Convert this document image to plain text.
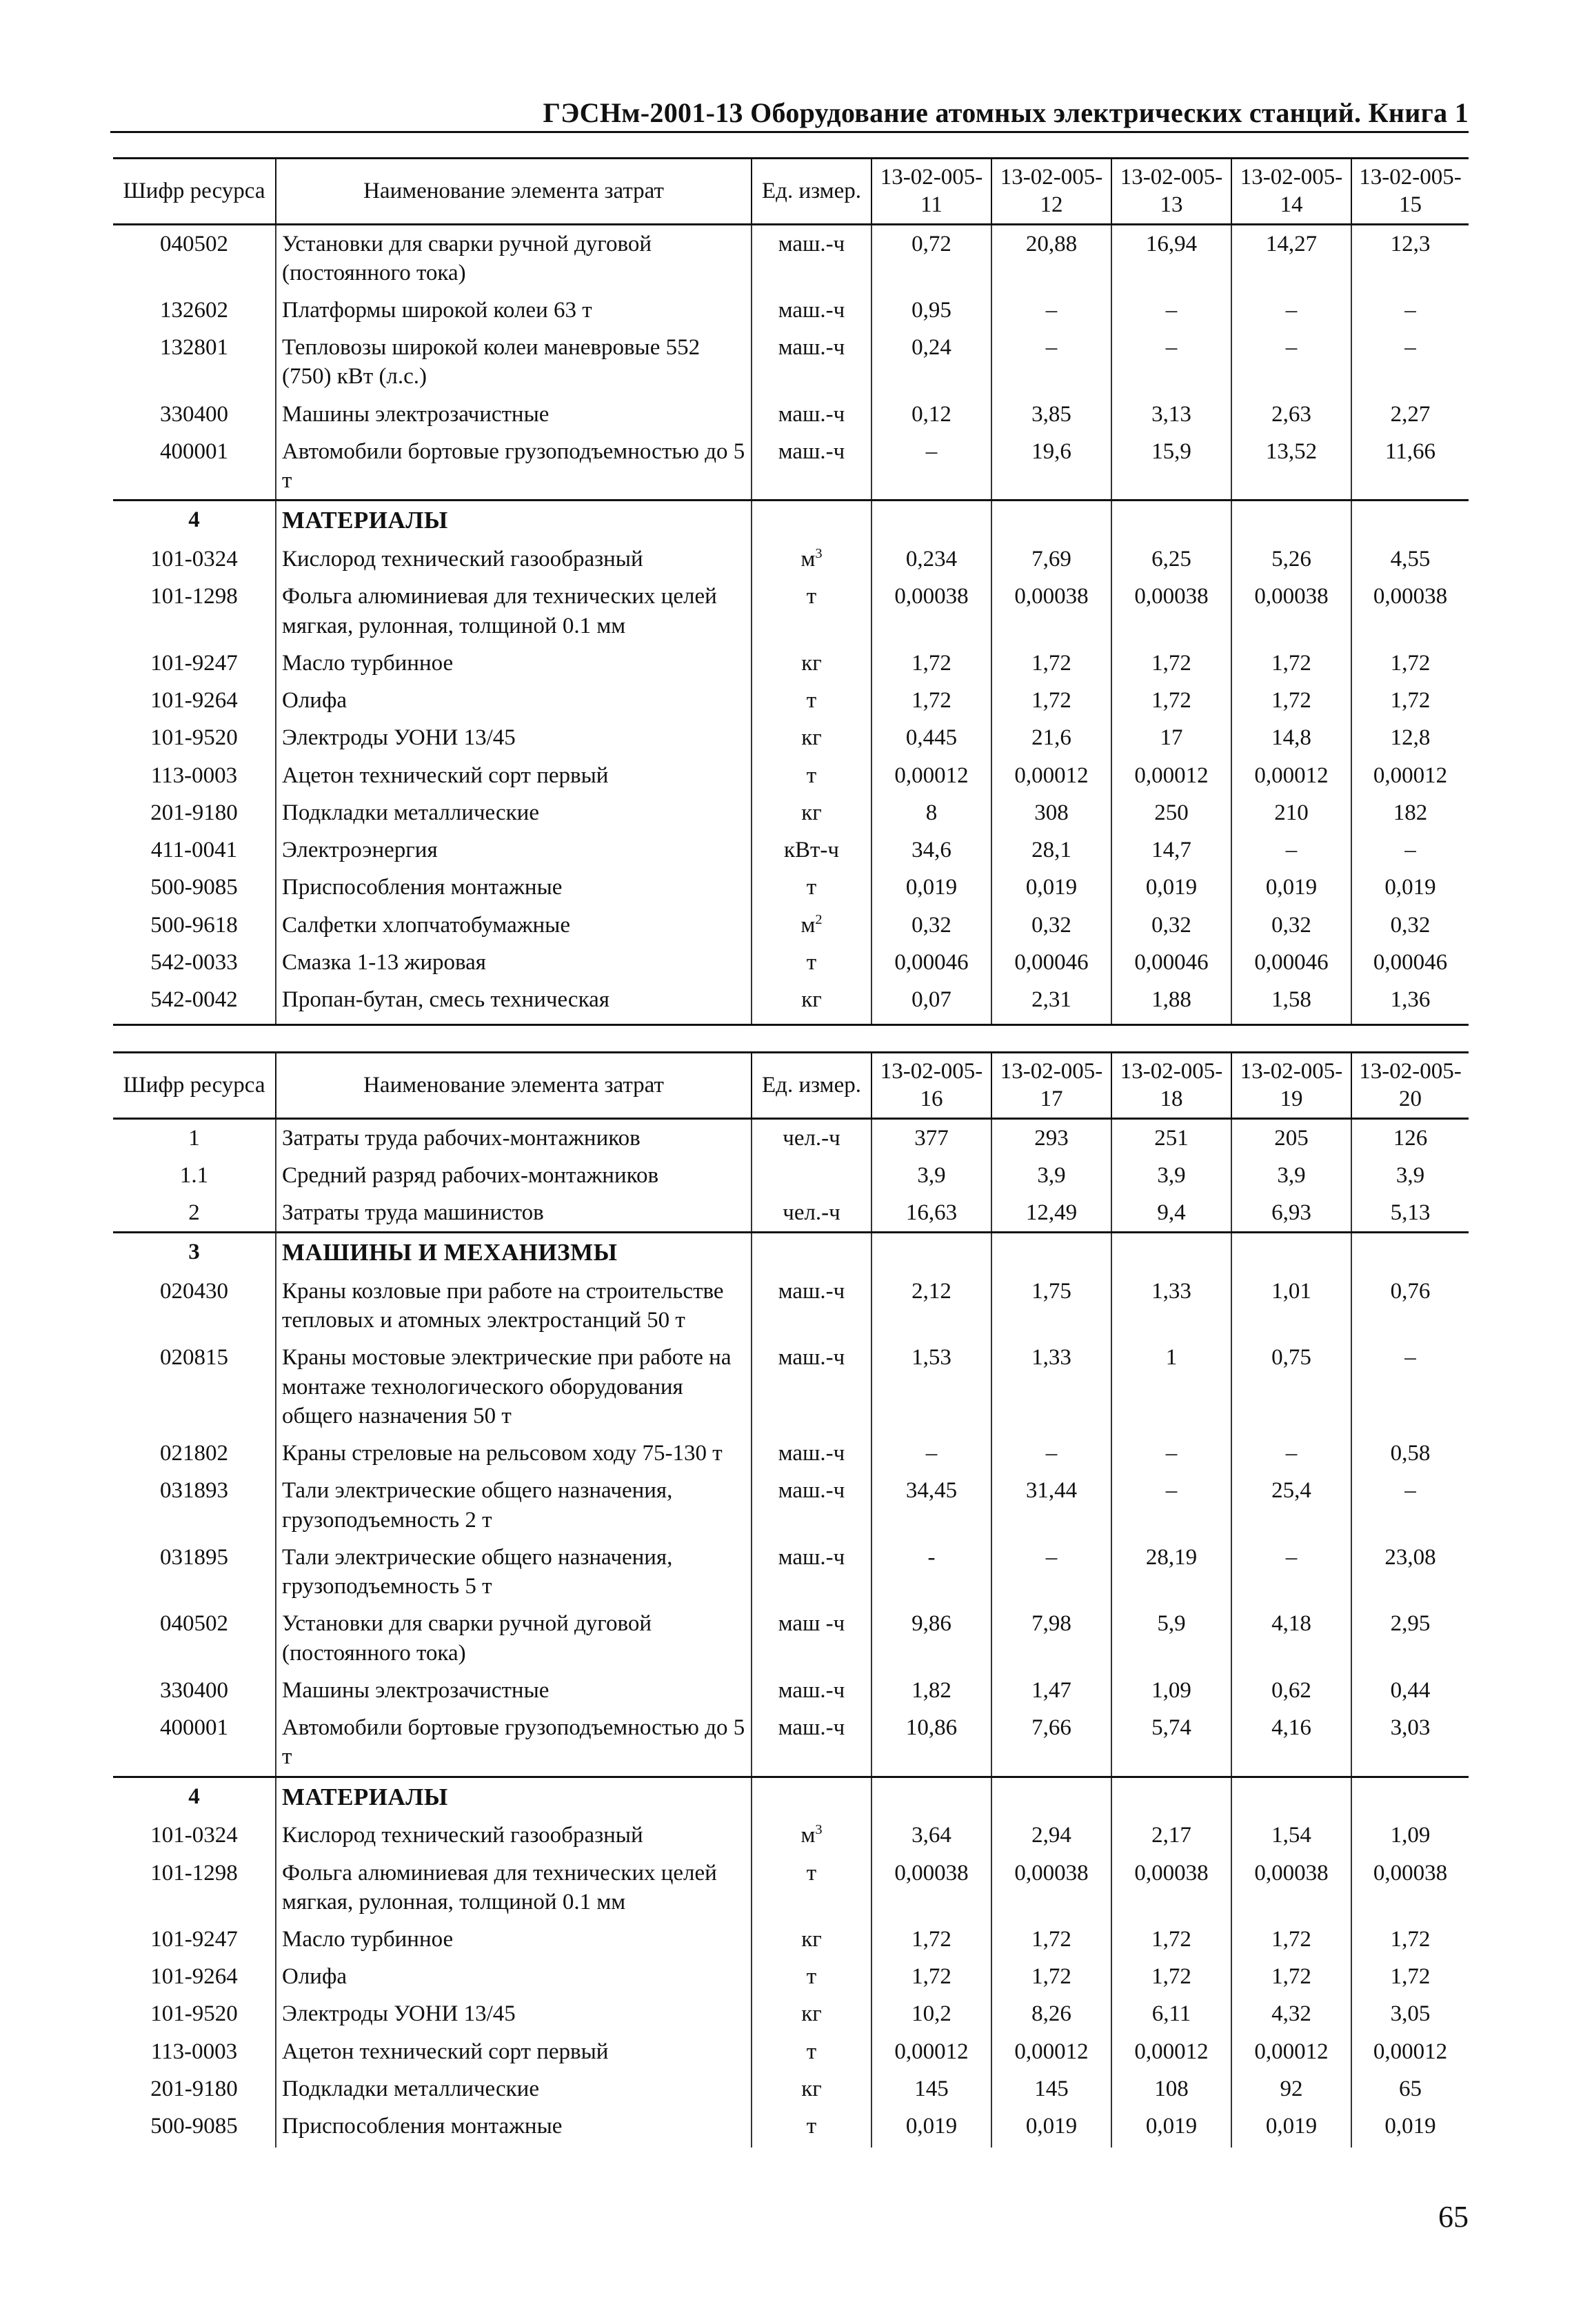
ГЭСНм-2001-13 Оборудование атомных электрических станций. Книга 1
Шифр ресурса	Наименование элемента затрат	Ед. измер.	13-02-005-11	13-02-005-12	13-02-005-13	13-02-005-14	13-02-005-15
040502	Установки для сварки ручной дуговой (постоянного тока)	маш.-ч	0,72	20,88	16,94	14,27	12,3
132602	Платформы широкой колеи 63 т	маш.-ч	0,95	–	–	–	–
132801	Тепловозы широкой колеи маневровые 552 (750) кВт (л.с.)	маш.-ч	0,24	–	–	–	–
330400	Машины электрозачистные	маш.-ч	0,12	3,85	3,13	2,63	2,27
400001	Автомобили бортовые грузоподъемностью до 5 т	маш.-ч	–	19,6	15,9	13,52	11,66
4	МАТЕРИАЛЫ						
101-0324	Кислород технический газообразный	$м^3$	0,234	7,69	6,25	5,26	4,55
101-1298	Фольга алюминиевая для технических целей мягкая, рулонная, толщиной 0.1 мм	т	0,00038	0,00038	0,00038	0,00038	0,00038
101-9247	Масло турбинное	кг	1,72	1,72	1,72	1,72	1,72
101-9264	Олифа	т	1,72	1,72	1,72	1,72	1,72
101-9520	Электроды УОНИ 13/45	кг	0,445	21,6	17	14,8	12,8
113-0003	Ацетон технический сорт первый	т	0,00012	0,00012	0,00012	0,00012	0,00012
201-9180	Подкладки металлические	кг	8	308	250	210	182
411-0041	Электроэнергия	кВт-ч	34,6	28,1	14,7	–	–
500-9085	Приспособления монтажные	т	0,019	0,019	0,019	0,019	0,019
500-9618	Салфетки хлопчатобумажные	$м^2$	0,32	0,32	0,32	0,32	0,32
542-0033	Смазка 1-13 жировая	т	0,00046	0,00046	0,00046	0,00046	0,00046
542-0042	Пропан-бутан, смесь техническая	кг	0,07	2,31	1,88	1,58	1,36
Шифр ресурса	Наименование элемента затрат	Ед. измер.	13-02-005-16	13-02-005-17	13-02-005-18	13-02-005-19	13-02-005-20
1	Затраты труда рабочих-монтажников	чел.-ч	377	293	251	205	126
1.1	Средний разряд рабочих-монтажников		3,9	3,9	3,9	3,9	3,9
2	Затраты труда машинистов	чел.-ч	16,63	12,49	9,4	6,93	5,13
3	МАШИНЫ И МЕХАНИЗМЫ						
020430	Краны козловые при работе на строительстве тепловых и атомных электростанций 50 т	маш.-ч	2,12	1,75	1,33	1,01	0,76
020815	Краны мостовые электрические при работе на монтаже технологического оборудования общего назначения 50 т	маш.-ч	1,53	1,33	1	0,75	–
021802	Краны стреловые на рельсовом ходу 75-130 т	маш.-ч	–	–	–	–	0,58
031893	Тали электрические общего назначения, грузоподъемность 2 т	маш.-ч	34,45	31,44	–	25,4	–
031895	Тали электрические общего назначения, грузоподъемность 5 т	маш.-ч	-	–	28,19	–	23,08
040502	Установки для сварки ручной дуговой (постоянного тока)	маш -ч	9,86	7,98	5,9	4,18	2,95
330400	Машины электрозачистные	маш.-ч	1,82	1,47	1,09	0,62	0,44
400001	Автомобили бортовые грузоподъемностью до 5 т	маш.-ч	10,86	7,66	5,74	4,16	3,03
4	МАТЕРИАЛЫ						
101-0324	Кислород технический газообразный	$м^3$	3,64	2,94	2,17	1,54	1,09
101-1298	Фольга алюминиевая для технических целей мягкая, рулонная, толщиной 0.1 мм	т	0,00038	0,00038	0,00038	0,00038	0,00038
101-9247	Масло турбинное	кг	1,72	1,72	1,72	1,72	1,72
101-9264	Олифа	т	1,72	1,72	1,72	1,72	1,72
101-9520	Электроды УОНИ 13/45	кг	10,2	8,26	6,11	4,32	3,05
113-0003	Ацетон технический сорт первый	т	0,00012	0,00012	0,00012	0,00012	0,00012
201-9180	Подкладки металлические	кг	145	145	108	92	65
500-9085	Приспособления монтажные	т	0,019	0,019	0,019	0,019	0,019
65
